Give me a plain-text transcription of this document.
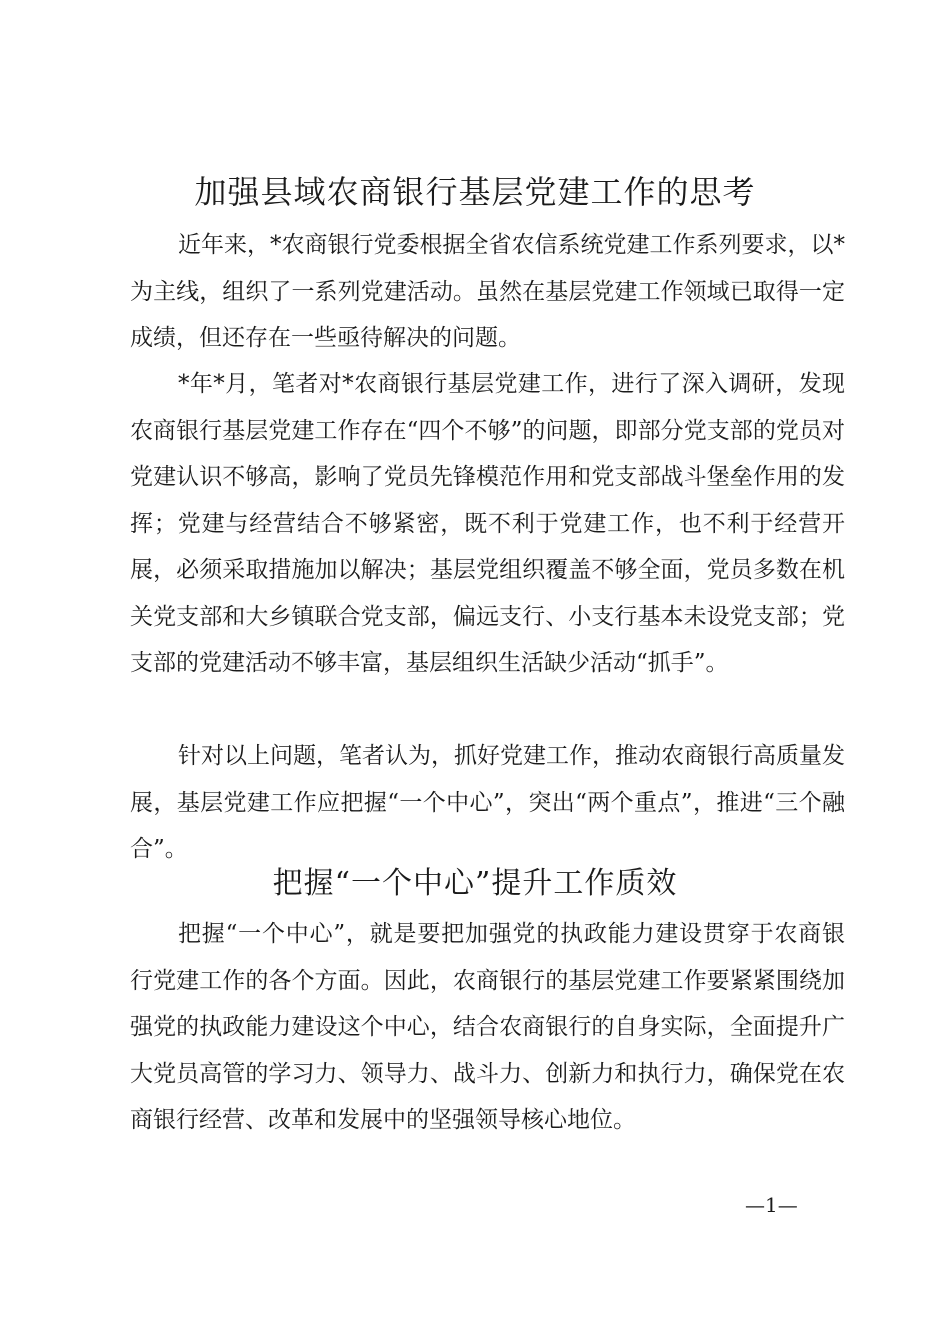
加强县域农商银行基层党建工作的思考

近年来，*农商银行党委根据全省农信系统党建工作系列要求，以*为主线，组织了一系列党建活动。虽然在基层党建工作领域已取得一定成绩，但还存在一些亟待解决的问题。

*年*月，笔者对*农商银行基层党建工作，进行了深入调研，发现农商银行基层党建工作存在“四个不够”的问题，即部分党支部的党员对党建认识不够高，影响了党员先锋模范作用和党支部战斗堡垒作用的发挥；党建与经营结合不够紧密，既不利于党建工作，也不利于经营开展，必须采取措施加以解决；基层党组织覆盖不够全面，党员多数在机关党支部和大乡镇联合党支部，偏远支行、小支行基本未设党支部；党支部的党建活动不够丰富，基层组织生活缺少活动“抓手”。

针对以上问题，笔者认为，抓好党建工作，推动农商银行高质量发展，基层党建工作应把握“一个中心”，突出“两个重点”，推进“三个融合”。

把握“一个中心”提升工作质效

把握“一个中心”，就是要把加强党的执政能力建设贯穿于农商银行党建工作的各个方面。因此，农商银行的基层党建工作要紧紧围绕加强党的执政能力建设这个中心，结合农商银行的自身实际，全面提升广大党员高管的学习力、领导力、战斗力、创新力和执行力，确保党在农商银行经营、改革和发展中的坚强领导核心地位。

—1—
